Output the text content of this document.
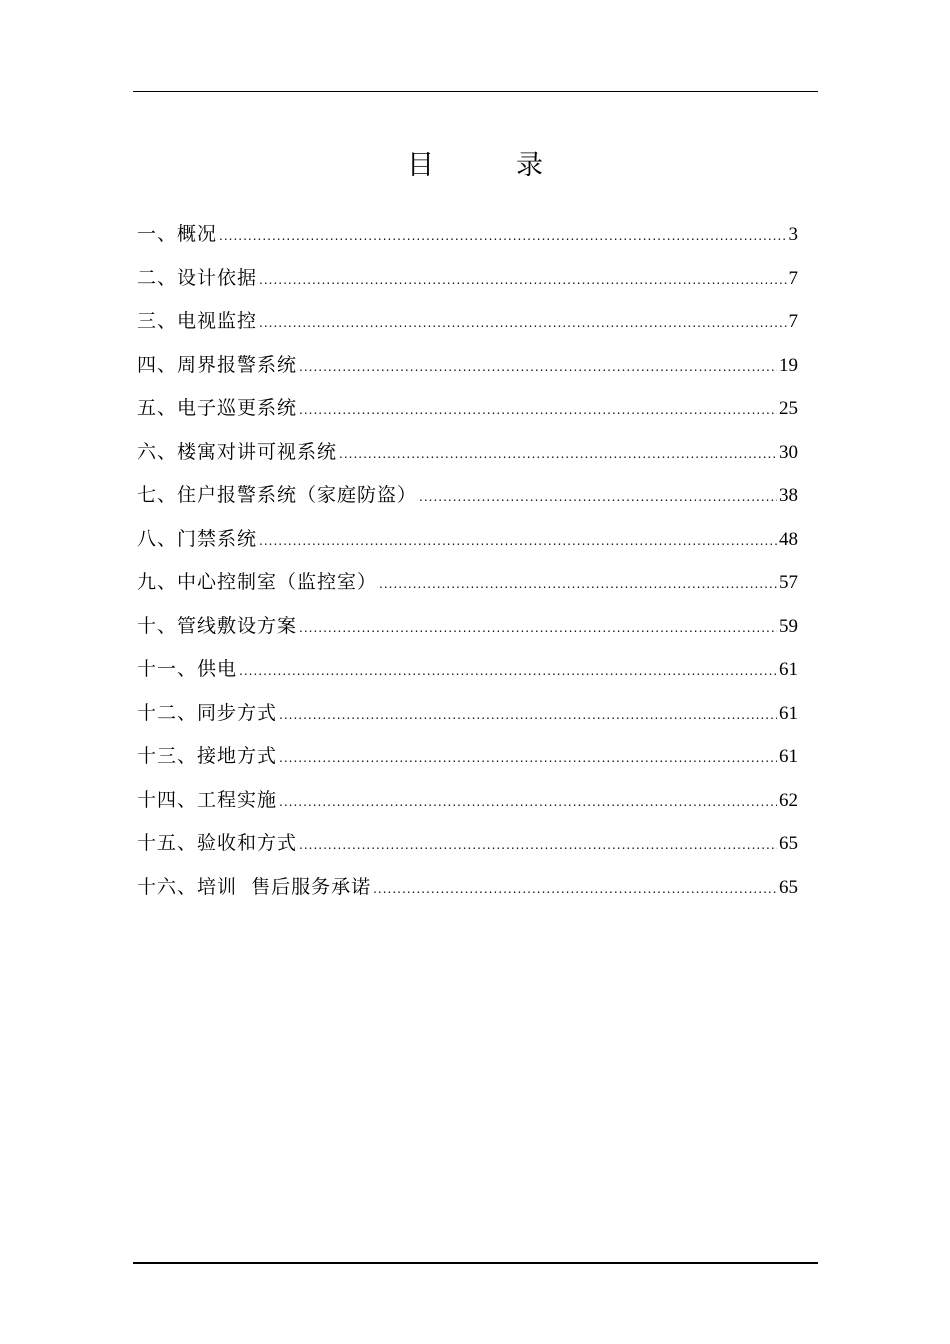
目	录
一、概况 .....	3
二、设计依据 .....	7
三、电视监控 .....	7
四、周界报警系统 .....	19
五、电子巡更系统 .....	25
六、楼寓对讲可视系统 .....	30
七、住户报警系统（家庭防盗） .....	38
八、门禁系统 .....	48
九、中心控制室（监控室） .....	57
十、管线敷设方案 .....	59
十一、供电 .....	61
十二、同步方式 .....	61
十三、接地方式 .....	61
十四、工程实施 .....	62
十五、验收和方式 .....	65
十六、培训  售后服务承诺 .....	65
